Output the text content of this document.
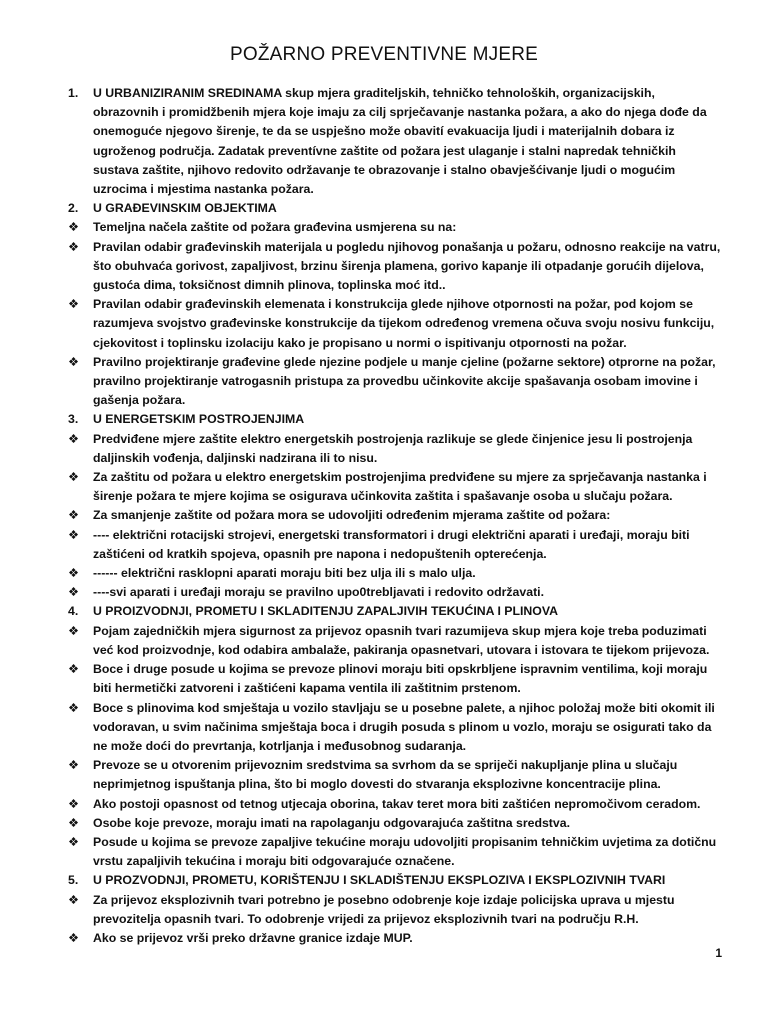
POŽARNO PREVENTIVNE MJERE
1. U URBANIZIRANIM SREDINAMA skup mjera graditeljskih, tehničko tehnoloških, organizacijskih, obrazovnih i promidžbenih mjera koje imaju za cilj sprječavanje nastanka požara, a ako do njega dođe da onemoguće njegovo širenje, te da se uspješno može obavití evakuacija ljudi i materijalnih dobara iz ugroženog područja. Zadatak preventívne zaštite od požara jest ulaganje i stalni napredak tehničkih sustava zaštite, njihovo redovito održavanje te obrazovanje i stalno obavješćivanje ljudi o mogućim uzrocima i mjestima nastanka požara.
2. U GRAĐEVINSKIM OBJEKTIMA
❖ Temeljna načela zaštite od požara građevina usmjerena su na:
❖ Pravilan odabir građevinskih materijala u pogledu njihovog ponašanja u požaru, odnosno reakcije na vatru, što obuhvaća gorivost, zapaljivost, brzinu širenja plamena, gorivo kapanje ili otpadanje gorućih dijelova, gustoća dima, toksičnost dimnih plinova, toplinska moć itd..
❖ Pravilan odabir građevinskih elemenata i konstrukcija glede njihove otpornosti na požar, pod kojom se razumjeva svojstvo građevinske konstrukcije da tijekom određenog vremena očuva svoju nosivu funkciju, cjekovitost i toplinsku izolaciju kako je propisano u normi o ispitivanju otpornosti na požar.
❖ Pravilno projektiranje građevine glede njezine podjele u manje cjeline (požarne sektore) otprorne na požar, pravilno projektiranje vatrogasnih pristupa za provedbu učinkovite akcije spašavanja osobam imovine i gašenja požara.
3. U ENERGETSKIM POSTROJENJIMA
❖ Predviđene mjere zaštite elektro energetskih postrojenja razlikuje se glede činjenice jesu li postrojenja daljinskih vođenja, daljinski nadzirana ili to nisu.
❖ Za zaštitu od požara u elektro energetskim postrojenjima predviđene su mjere za sprječavanja nastanka i širenje požara te mjere kojima se osigurava učinkovita zaštita i spašavanje osoba u slučaju požara.
❖ Za smanjenje zaštite od požara mora se udovoljiti određenim mjerama zaštite od požara:
❖ ---- električni rotacijski strojevi, energetski transformatori i drugi električni aparati i uređaji, moraju biti zaštićeni od kratkih spojeva, opasnih pre napona i nedopuštenih opterećenja.
❖ ------ električni rasklopni aparati moraju biti bez ulja ili s malo ulja.
❖ ----svi aparati i uređaji moraju se pravilno upo0trebljavati i redovito održavati.
4. U PROIZVODNJI, PROMETU I SKLADITENJU ZAPALJIVIH TEKUĆINA I PLINOVA
❖ Pojam zajedničkih mjera sigurnost za prijevoz opasnih tvari razumijeva skup mjera koje treba poduzimati već kod proizvodnje, kod odabira ambalaže, pakiranja opasnetvari, utovara i istovara te tijekom prijevoza.
❖ Boce i druge posude u kojima se prevoze plinovi moraju biti opskrbljene ispravnim ventilima, koji moraju biti hermetički zatvoreni i zaštićeni kapama ventila ili zaštitnim prstenom.
❖ Boce s plinovima kod smještaja u vozilo stavljaju se u posebne palete, a njihoc položaj može biti okomit ili vodoravan, u svim načinima smještaja boca i drugih posuda s plinom u vozlo, moraju se osigurati tako da ne može doći do prevrtanja, kotrljanja i međusobnog sudaranja.
❖ Prevoze se u otvorenim prijevoznim sredstvima sa svrhom da se spriječi nakupljanje plina u slučaju neprimjetnog ispuštanja plina, što bi moglo dovesti do stvaranja eksplozivne koncentracije plina.
❖ Ako postoji opasnost od tetnog utjecaja oborina, takav teret mora biti zaštićen nepromočivom ceradom.
❖ Osobe koje prevoze, moraju imati na rapolaganju odgovarajuća zaštitna sredstva.
❖ Posude u kojima se prevoze zapaljive tekućine moraju udovoljiti propisanim tehničkim uvjetima za dotičnu vrstu zapaljivih tekućina i moraju biti odgovarajuće označene.
5. U PROZVODNJI, PROMETU, KORIŠTENJU I SKLADIŠTENJU EKSPLOZIVA I EKSPLOZIVNIH TVARI
❖ Za prijevoz eksplozivnih tvari potrebno je posebno odobrenje koje izdaje policijska uprava u mjestu prevozitelja opasnih tvari. To odobrenje vrijedi za prijevoz eksplozivnih tvari na području R.H.
❖ Ako se prijevoz vrši preko državne granice izdaje MUP.
1
